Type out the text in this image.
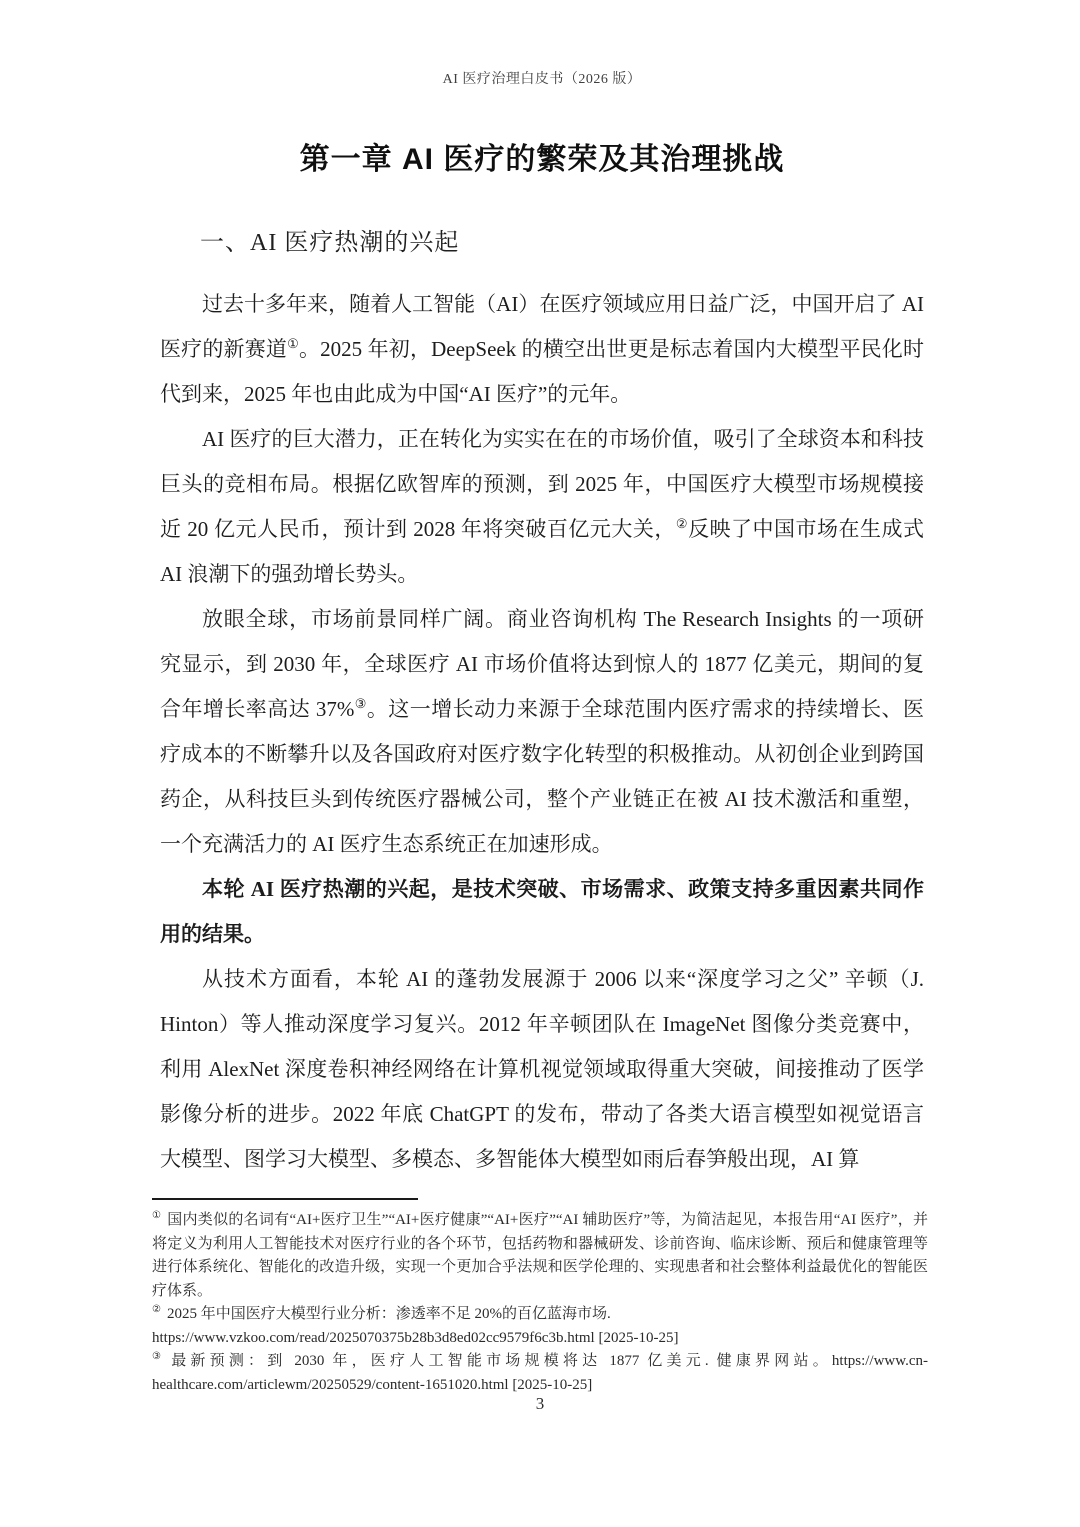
AI 医疗治理白皮书（2026 版）
第一章 AI 医疗的繁荣及其治理挑战
一、AI 医疗热潮的兴起

过去十多年来，随着人工智能（AI）在医疗领域应用日益广泛，中国开启了 AI 医疗的新赛道①。2025 年初，DeepSeek 的横空出世更是标志着国内大模型平民化时代到来，2025 年也由此成为中国“AI 医疗”的元年。

AI 医疗的巨大潜力，正在转化为实实在在的市场价值，吸引了全球资本和科技巨头的竞相布局。根据亿欧智库的预测，到 2025 年，中国医疗大模型市场规模接近 20 亿元人民币，预计到 2028 年将突破百亿元大关，②反映了中国市场在生成式 AI 浪潮下的强劲增长势头。

放眼全球，市场前景同样广阔。商业咨询机构 The Research Insights 的一项研究显示，到 2030 年，全球医疗 AI 市场价值将达到惊人的 1877 亿美元，期间的复合年增长率高达 37%③。这一增长动力来源于全球范围内医疗需求的持续增长、医疗成本的不断攀升以及各国政府对医疗数字化转型的积极推动。从初创企业到跨国药企，从科技巨头到传统医疗器械公司，整个产业链正在被 AI 技术激活和重塑，一个充满活力的 AI 医疗生态系统正在加速形成。

本轮 AI 医疗热潮的兴起，是技术突破、市场需求、政策支持多重因素共同作用的结果。

从技术方面看，本轮 AI 的蓬勃发展源于 2006 以来“深度学习之父” 辛顿（J. Hinton）等人推动深度学习复兴。2012 年辛顿团队在 ImageNet 图像分类竞赛中，利用 AlexNet 深度卷积神经网络在计算机视觉领域取得重大突破，间接推动了医学影像分析的进步。2022 年底 ChatGPT 的发布，带动了各类大语言模型如视觉语言大模型、图学习大模型、多模态、多智能体大模型如雨后春笋般出现，AI 算

① 国内类似的名词有“AI+医疗卫生”“AI+医疗健康”“AI+医疗”“AI 辅助医疗”等，为简洁起见，本报告用“AI 医疗”，并将定义为利用人工智能技术对医疗行业的各个环节，包括药物和器械研发、诊前咨询、临床诊断、预后和健康管理等进行体系统化、智能化的改造升级，实现一个更加合乎法规和医学伦理的、实现患者和社会整体利益最优化的智能医疗体系。

② 2025 年中国医疗大模型行业分析：渗透率不足 20%的百亿蓝海市场.
https://www.vzkoo.com/read/2025070375b28b3d8ed02cc9579f6c3b.html [2025-10-25]

③ 最新预测：到 2030 年，医疗人工智能市场规模将达 1877 亿美元. 健康界网站。https://www.cn-healthcare.com/articlewm/20250529/content-1651020.html [2025-10-25]

3
